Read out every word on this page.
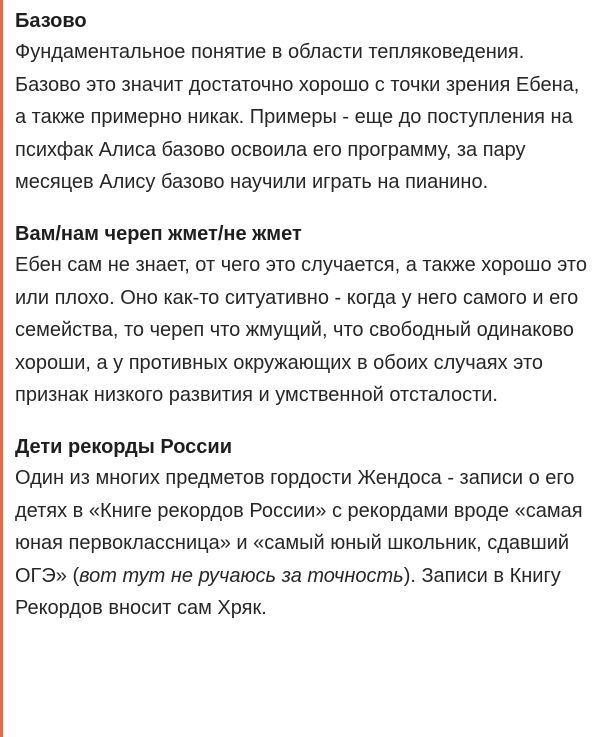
Базово

Фундаментальное понятие в области тепляковедения. Базово это значит достаточно хорошо с точки зрения Ебена, а также примерно никак. Примеры - еще до поступления на психфак Алиса базово освоила его программу, за пару месяцев Алису базово научили играть на пианино.

Вам/нам череп жмет/не жмет

Ебен сам не знает, от чего это случается, а также хорошо это или плохо. Оно как-то ситуативно - когда у него самого и его семейства, то череп что жмущий, что свободный одинаково хороши, а у противных окружающих в обоих случаях это признак низкого развития и умственной отсталости.

Дети рекорды России

Один из многих предметов гордости Жендоса - записи о его детях в «Книге рекордов России» с рекордами вроде «самая юная первоклассница» и «самый юный школьник, сдавший ОГЭ» (вот тут не ручаюсь за точность). Записи в Книгу Рекордов вносит сам Хряк.
